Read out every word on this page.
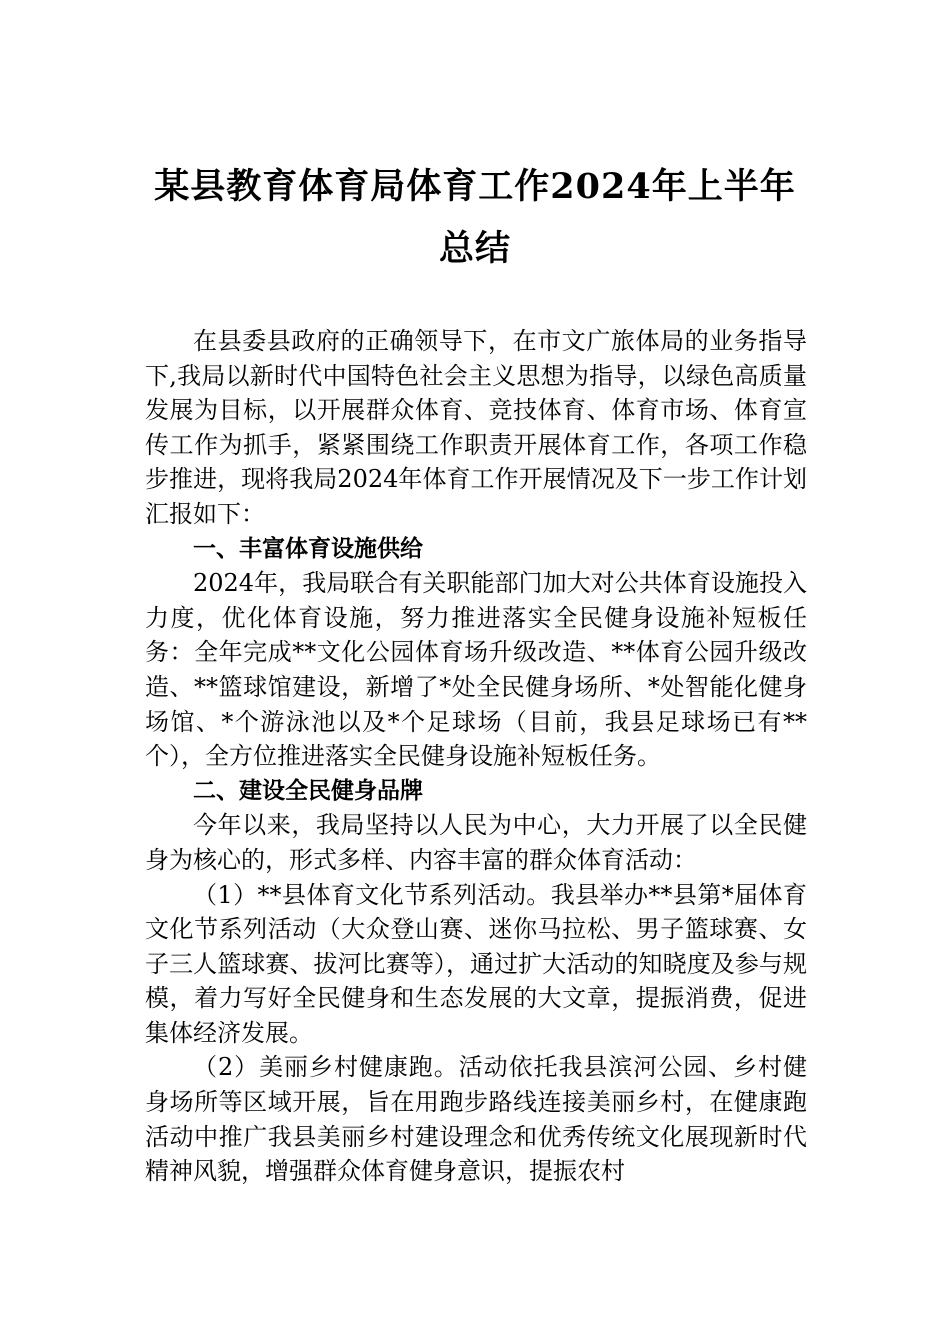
某县教育体育局体育工作2024年上半年总结

在县委县政府的正确领导下，在市文广旅体局的业务指导下,我局以新时代中国特色社会主义思想为指导，以绿色高质量发展为目标，以开展群众体育、竞技体育、体育市场、体育宣传工作为抓手，紧紧围绕工作职责开展体育工作，各项工作稳步推进，现将我局2024年体育工作开展情况及下一步工作计划汇报如下：

一、丰富体育设施供给

2024年，我局联合有关职能部门加大对公共体育设施投入力度，优化体育设施，努力推进落实全民健身设施补短板任务：全年完成**文化公园体育场升级改造、**体育公园升级改造、**篮球馆建设，新增了*处全民健身场所、*处智能化健身场馆、*个游泳池以及*个足球场（目前，我县足球场已有**个），全方位推进落实全民健身设施补短板任务。

二、建设全民健身品牌

今年以来，我局坚持以人民为中心，大力开展了以全民健身为核心的，形式多样、内容丰富的群众体育活动：

（1）**县体育文化节系列活动。我县举办**县第*届体育文化节系列活动（大众登山赛、迷你马拉松、男子篮球赛、女子三人篮球赛、拔河比赛等），通过扩大活动的知晓度及参与规模，着力写好全民健身和生态发展的大文章，提振消费，促进集体经济发展。

（2）美丽乡村健康跑。活动依托我县滨河公园、乡村健身场所等区域开展，旨在用跑步路线连接美丽乡村，在健康跑活动中推广我县美丽乡村建设理念和优秀传统文化展现新时代精神风貌，增强群众体育健身意识，提振农村
